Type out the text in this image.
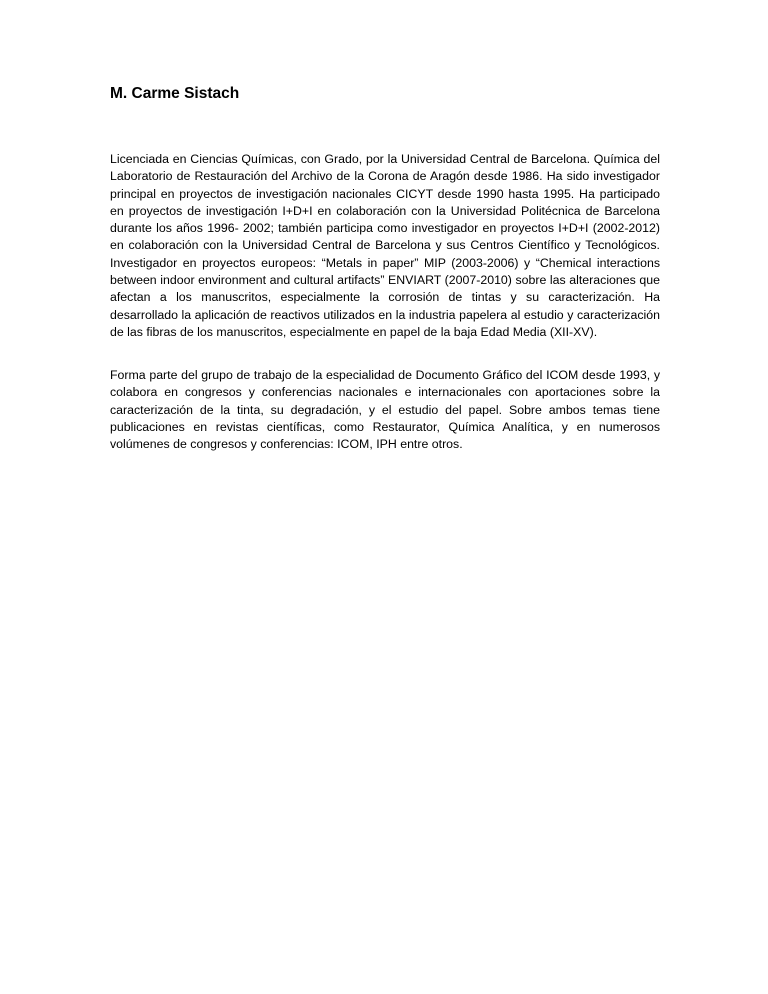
M. Carme Sistach

Licenciada en Ciencias Químicas, con Grado, por la Universidad Central de Barcelona. Química del Laboratorio de Restauración del Archivo de la Corona de Aragón desde 1986. Ha sido investigador principal en proyectos de investigación nacionales CICYT desde 1990 hasta 1995. Ha participado en proyectos de investigación I+D+I en colaboración con la Universidad Politécnica de Barcelona durante los años 1996- 2002; también participa como investigador en proyectos I+D+I (2002-2012) en colaboración con la Universidad Central de Barcelona y sus Centros Científico y Tecnológicos. Investigador en proyectos europeos: “Metals in paper” MIP (2003-2006) y “Chemical interactions between indoor environment and cultural artifacts” ENVIART (2007-2010) sobre las alteraciones que afectan a los manuscritos, especialmente la corrosión de tintas y su caracterización. Ha desarrollado la aplicación de reactivos utilizados en la industria papelera al estudio y caracterización de las fibras de los manuscritos, especialmente en papel de la baja Edad Media (XII-XV).

Forma parte del grupo de trabajo de la especialidad de Documento Gráfico del ICOM desde 1993, y colabora en congresos y conferencias nacionales e internacionales con aportaciones sobre la caracterización de la tinta, su degradación, y el estudio del papel. Sobre ambos temas tiene publicaciones en revistas científicas, como Restaurator, Química Analítica, y en numerosos volúmenes de congresos y conferencias: ICOM, IPH entre otros.
